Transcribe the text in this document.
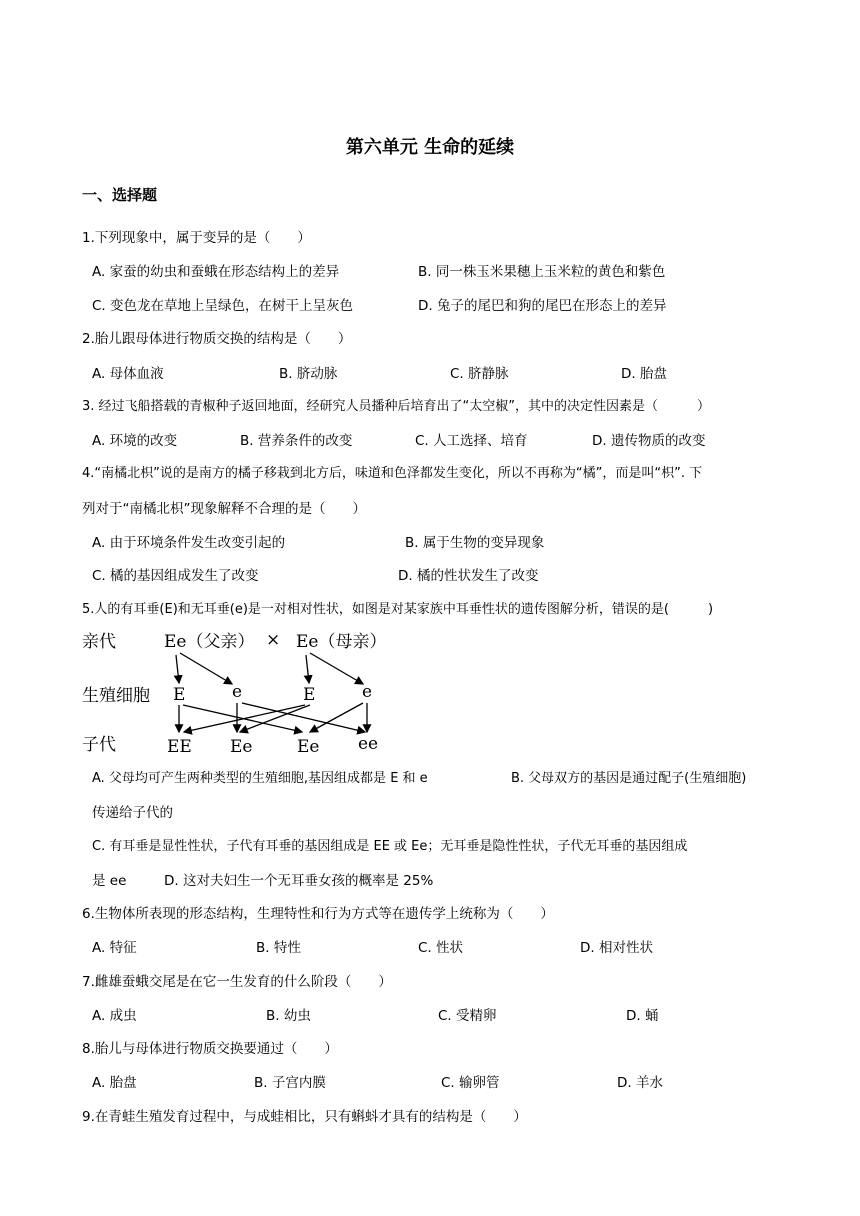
第六单元 生命的延续
一、选择题
1.下列现象中，属于变异的是（　　）
A. 家蚕的幼虫和蚕蛾在形态结构上的差异	B. 同一株玉米果穗上玉米粒的黄色和紫色
C. 变色龙在草地上呈绿色，在树干上呈灰色	D. 兔子的尾巴和狗的尾巴在形态上的差异
2.胎儿跟母体进行物质交换的结构是（　　）
A. 母体血液	B. 脐动脉	C. 脐静脉	D. 胎盘
3. 经过飞船搭载的青椒种子返回地面，经研究人员播种后培育出了“太空椒”，其中的决定性因素是（　　　）
A. 环境的改变	B. 营养条件的改变	C. 人工选择、培育	D. 遗传物质的改变
4.“南橘北枳”说的是南方的橘子移栽到北方后，味道和色泽都发生变化，所以不再称为“橘”，而是叫“枳”. 下
列对于“南橘北枳”现象解释不合理的是（　　）
A. 由于环境条件发生改变引起的	B. 属于生物的变异现象
C. 橘的基因组成发生了改变	D. 橘的性状发生了改变
5.人的有耳垂(E)和无耳垂(e)是一对相对性状，如图是对某家族中耳垂性状的遗传图解分析，错误的是(　　　)
亲代
生殖细胞
子代
Ee（父亲） × Ee（母亲）
E	e	E	e
EE Ee	Ee ee
A. 父母均可产生两种类型的生殖细胞,基因组成都是 E 和 e	B. 父母双方的基因是通过配子(生殖细胞)
传递给子代的
C. 有耳垂是显性性状，子代有耳垂的基因组成是 EE 或 Ee；无耳垂是隐性性状，子代无耳垂的基因组成
是 ee	D. 这对夫妇生一个无耳垂女孩的概率是 25%
6.生物体所表现的形态结构，生理特性和行为方式等在遗传学上统称为（　　）
A. 特征	B. 特性	C. 性状	D. 相对性状
7.雌雄蚕蛾交尾是在它一生发育的什么阶段（　　）
A. 成虫	B. 幼虫	C. 受精卵	D. 蛹
8.胎儿与母体进行物质交换要通过（　　）
A. 胎盘	B. 子宫内膜	C. 输卵管	D. 羊水
9.在青蛙生殖发育过程中，与成蛙相比，只有蝌蚪才具有的结构是（　　）
